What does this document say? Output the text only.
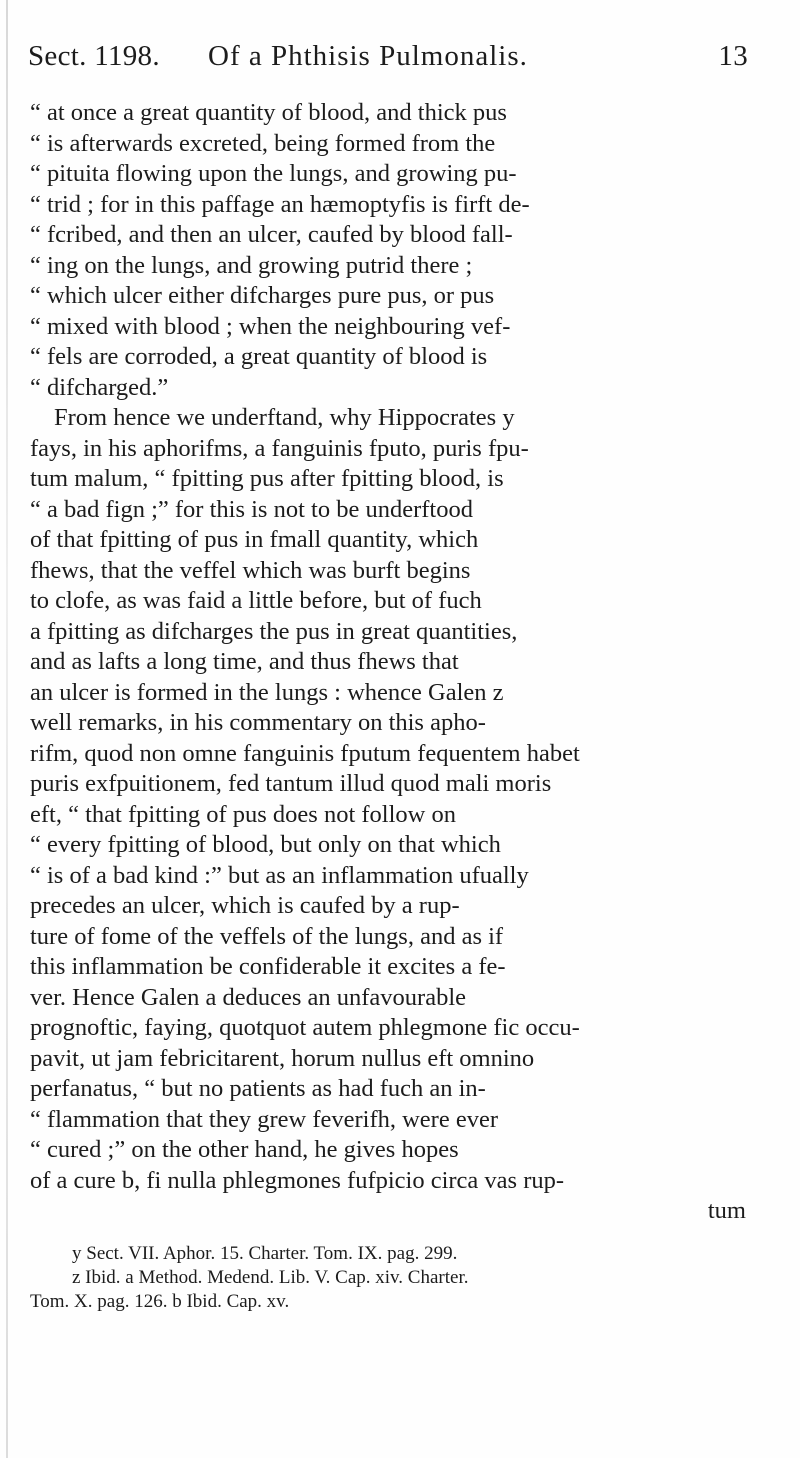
Sect. 1198. Of a Phthisis Pulmonalis.	13
“ at once a great quantity of blood, and thick pus
“ is afterwards excreted, being formed from the
“ pituita flowing upon the lungs, and growing pu-
“ trid ; for in this paffage an hæmoptyfis is firft de-
“ fcribed, and then an ulcer, caufed by blood fall-
“ ing on the lungs, and growing putrid there ;
“ which ulcer either difcharges pure pus, or pus
“ mixed with blood ; when the neighbouring vef-
“ fels are corroded, a great quantity of blood is
“ difcharged.”
From hence we underftand, why Hippocrates y
fays, in his aphorifms, a fanguinis fputo, puris fpu-
tum malum, “ fpitting pus after fpitting blood, is
“ a bad fign ;” for this is not to be underftood
of that fpitting of pus in fmall quantity, which
fhews, that the veffel which was burft begins
to clofe, as was faid a little before, but of fuch
a fpitting as difcharges the pus in great quantities,
and as lafts a long time, and thus fhews that
an ulcer is formed in the lungs : whence Galen z
well remarks, in his commentary on this apho-
rifm, quod non omne fanguinis fputum fequentem habet
puris exfpuitionem, fed tantum illud quod mali moris
eft, “ that fpitting of pus does not follow on
“ every fpitting of blood, but only on that which
“ is of a bad kind :” but as an inflammation ufually
precedes an ulcer, which is caufed by a rup-
ture of fome of the veffels of the lungs, and as if
this inflammation be confiderable it excites a fe-
ver. Hence Galen a deduces an unfavourable
prognoftic, faying, quotquot autem phlegmone fic occu-
pavit, ut jam febricitarent, horum nullus eft omnino
perfanatus, “ but no patients as had fuch an in-
“ flammation that they grew feverifh, were ever
“ cured ;” on the other hand, he gives hopes
of a cure b, fi nulla phlegmones fufpicio circa vas rup-
tum
y Sect. VII. Aphor. 15. Charter. Tom. IX. pag. 299.
z Ibid. a Method. Medend. Lib. V. Cap. xiv. Charter.
Tom. X. pag. 126. b Ibid. Cap. xv.
